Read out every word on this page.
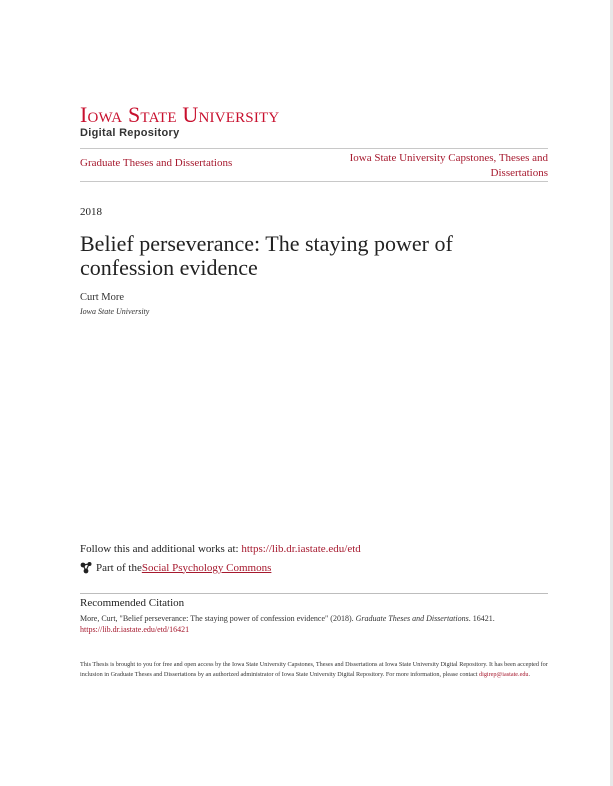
Iowa State University
Digital Repository
Graduate Theses and Dissertations	Iowa State University Capstones, Theses and Dissertations
2018
Belief perseverance: The staying power of confession evidence
Curt More
Iowa State University
Follow this and additional works at: https://lib.dr.iastate.edu/etd
Part of the Social Psychology Commons
Recommended Citation
More, Curt, "Belief perseverance: The staying power of confession evidence" (2018). Graduate Theses and Dissertations. 16421.
https://lib.dr.iastate.edu/etd/16421
This Thesis is brought to you for free and open access by the Iowa State University Capstones, Theses and Dissertations at Iowa State University Digital Repository. It has been accepted for inclusion in Graduate Theses and Dissertations by an authorized administrator of Iowa State University Digital Repository. For more information, please contact digirep@iastate.edu.
